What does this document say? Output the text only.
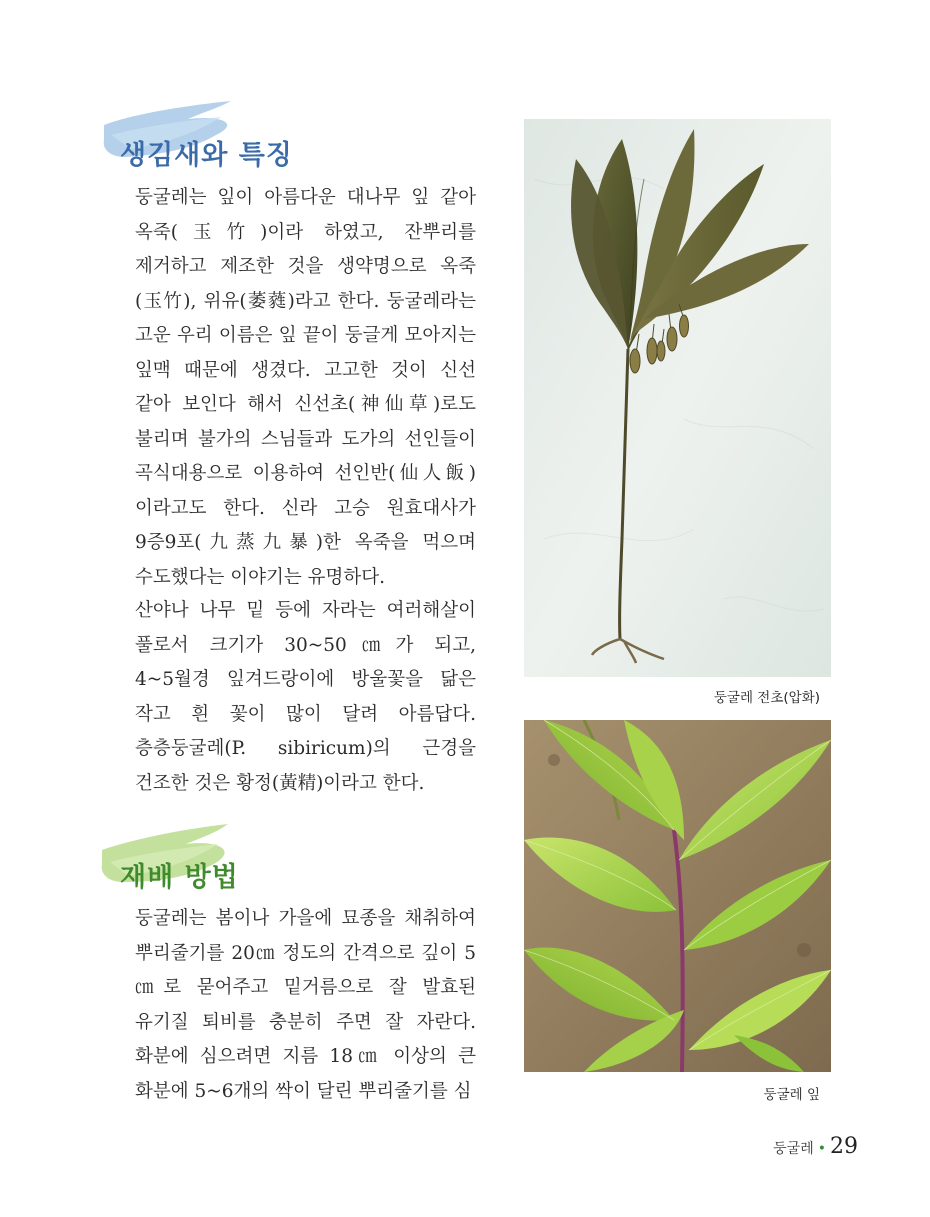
생김새와 특징

둥굴레는 잎이 아름다운 대나무 잎 같아 옥죽(玉竹)이라 하였고, 잔뿌리를 제거하고 제조한 것을 생약명으로 옥죽(玉竹), 위유(萎蕤)라고 한다. 둥굴레라는 고운 우리 이름은 잎 끝이 둥글게 모아지는 잎맥 때문에 생겼다. 고고한 것이 신선 같아 보인다 해서 신선초(神仙草)로도 불리며 불가의 스님들과 도가의 선인들이 곡식대용으로 이용하여 선인반(仙人飯)이라고도 한다. 신라 고승 원효대사가 9증9포(九蒸九暴)한 옥죽을 먹으며 수도했다는 이야기는 유명하다.

산야나 나무 밑 등에 자라는 여러해살이 풀로서 크기가 30~50㎝가 되고, 4~5월경 잎겨드랑이에 방울꽃을 닮은 작고 흰 꽃이 많이 달려 아름답다. 층층둥굴레(P. sibiricum)의 근경을 건조한 것은 황정(黃精)이라고 한다.

재배 방법

둥굴레는 봄이나 가을에 묘종을 채취하여 뿌리줄기를 20㎝ 정도의 간격으로 깊이 5㎝로 묻어주고 밑거름으로 잘 발효된 유기질 퇴비를 충분히 주면 잘 자란다. 화분에 심으려면 지름 18㎝ 이상의 큰 화분에 5~6개의 싹이 달린 뿌리줄기를 심

둥굴레 전초(압화)
둥굴레 잎
둥굴레 • 29
